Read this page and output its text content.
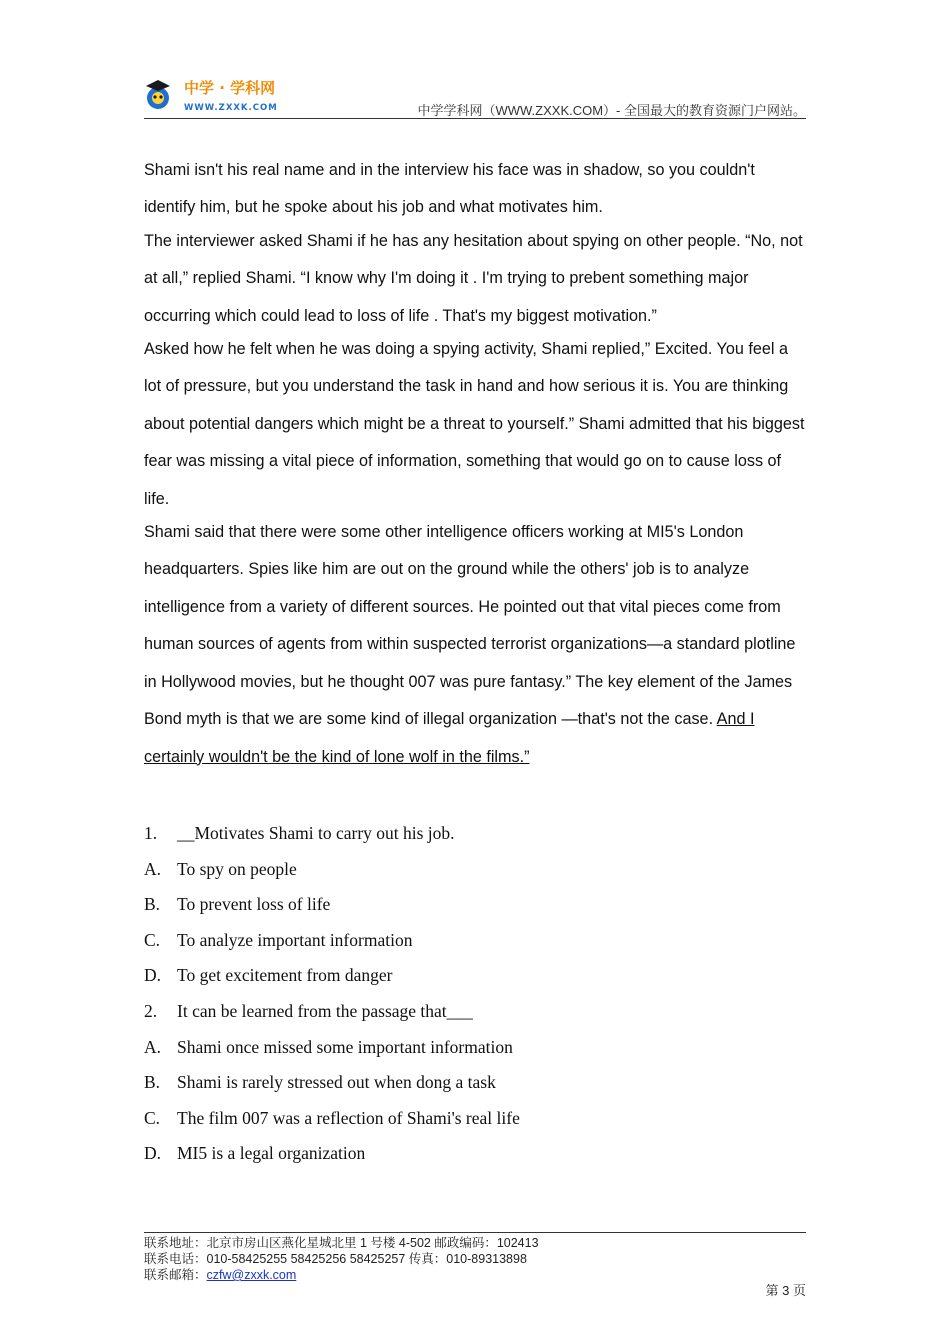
中学 · 学科网
WWW.ZXXK.COM	中学学科网（WWW.ZXXK.COM）- 全国最大的教育资源门户网站。

Shami isn't his real name and in the interview his face was in shadow, so you couldn't identify him, but he spoke about his job and what motivates him.

The interviewer asked Shami if he has any hesitation about spying on other people. “No, not at all,” replied Shami. “I know why I'm doing it . I'm trying to prebent something major occurring which could lead to loss of life . That's my biggest motivation.”

Asked how he felt when he was doing a spying activity, Shami replied,” Excited. You feel a lot of pressure, but you understand the task in hand and how serious it is. You are thinking about potential dangers which might be a threat to yourself.” Shami admitted that his biggest fear was missing a vital piece of information, something that would go on to cause loss of life.

Shami said that there were some other intelligence officers working at MI5's London headquarters. Spies like him are out on the ground while the others' job is to analyze intelligence from a variety of different sources. He pointed out that vital pieces come from human sources of agents from within suspected terrorist organizations—a standard plotline in Hollywood movies, but he thought 007 was pure fantasy.” The key element of the James Bond myth is that we are some kind of illegal organization —that's not the case. And I certainly wouldn't be the kind of lone wolf in the films.”

1. __Motivates Shami to carry out his job.
A. To spy on people
B. To prevent loss of life
C. To analyze important information
D. To get excitement from danger
2. It can be learned from the passage that___
A. Shami once missed some important information
B. Shami is rarely stressed out when dong a task
C. The film 007 was a reflection of Shami's real life
D. MI5 is a legal organization
联系地址：北京市房山区燕化星城北里 1 号楼 4-502 邮政编码：102413
联系电话：010-58425255 58425256 58425257 传真：010-89313898
联系邮箱：czfw@zxxk.com
第 3 页
